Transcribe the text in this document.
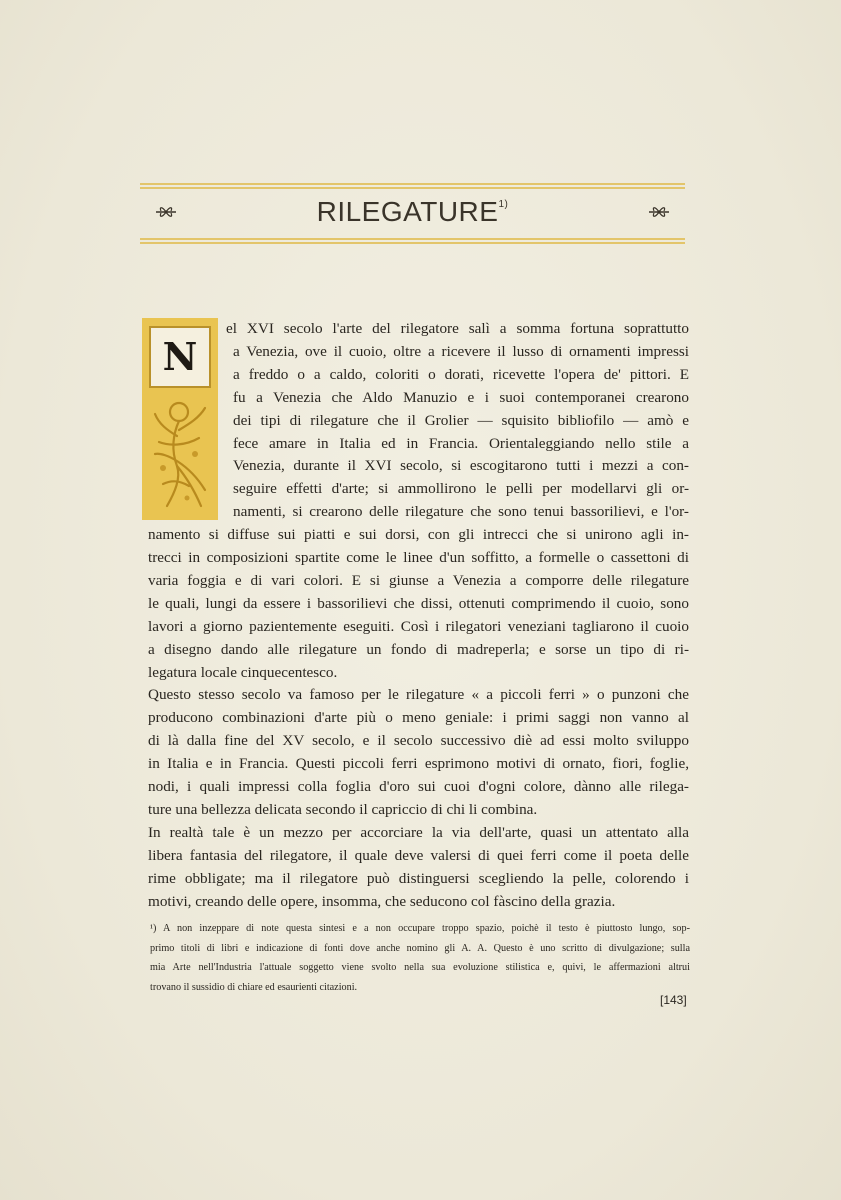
RILEGATURE$^{1)}$
N
el XVI secolo l'arte del rilegatore salì a somma fortuna soprattutto
a Venezia, ove il cuoio, oltre a ricevere il lusso di ornamenti impressi
a freddo o a caldo, coloriti o dorati, ricevette l'opera de' pittori. E
fu a Venezia che Aldo Manuzio e i suoi contemporanei crearono
dei tipi di rilegature che il Grolier — squisito bibliofilo — amò e
fece amare in Italia ed in Francia. Orientaleggiando nello stile a
Venezia, durante il XVI secolo, si escogitarono tutti i mezzi a con-
seguire effetti d'arte; si ammollirono le pelli per modellarvi gli or-
namenti, si crearono delle rilegature che sono tenui bassorilievi, e l'or-
namento si diffuse sui piatti e sui dorsi, con gli intrecci che si unirono agli in-
trecci in composizioni spartite come le linee d'un soffitto, a formelle o cassettoni di
varia foggia e di vari colori. E si giunse a Venezia a comporre delle rilegature
le quali, lungi da essere i bassorilievi che dissi, ottenuti comprimendo il cuoio, sono
lavori a giorno pazientemente eseguiti. Così i rilegatori veneziani tagliarono il cuoio
a disegno dando alle rilegature un fondo di madreperla; e sorse un tipo di ri-
legatura locale cinquecentesco.
Questo stesso secolo va famoso per le rilegature « a piccoli ferri » o punzoni che
producono combinazioni d'arte più o meno geniale: i primi saggi non vanno al
di là dalla fine del XV secolo, e il secolo successivo diè ad essi molto sviluppo
in Italia e in Francia. Questi piccoli ferri esprimono motivi di ornato, fiori, foglie,
nodi, i quali impressi colla foglia d'oro sui cuoi d'ogni colore, dànno alle rilega-
ture una bellezza delicata secondo il capriccio di chi li combina.
In realtà tale è un mezzo per accorciare la via dell'arte, quasi un attentato alla
libera fantasia del rilegatore, il quale deve valersi di quei ferri come il poeta delle
rime obbligate; ma il rilegatore può distinguersi scegliendo la pelle, colorendo i
motivi, creando delle opere, insomma, che seducono col fàscino della grazia.
¹) A non inzeppare di note questa sintesi e a non occupare troppo spazio, poichè il testo è piuttosto lungo, sop-
primo titoli di libri e indicazione di fonti dove anche nomino gli A. A. Questo è uno scritto di divulgazione; sulla
mia Arte nell'Industria l'attuale soggetto viene svolto nella sua evoluzione stilistica e, quivi, le affermazioni altrui
trovano il sussidio di chiare ed esaurienti citazioni.
[143]
